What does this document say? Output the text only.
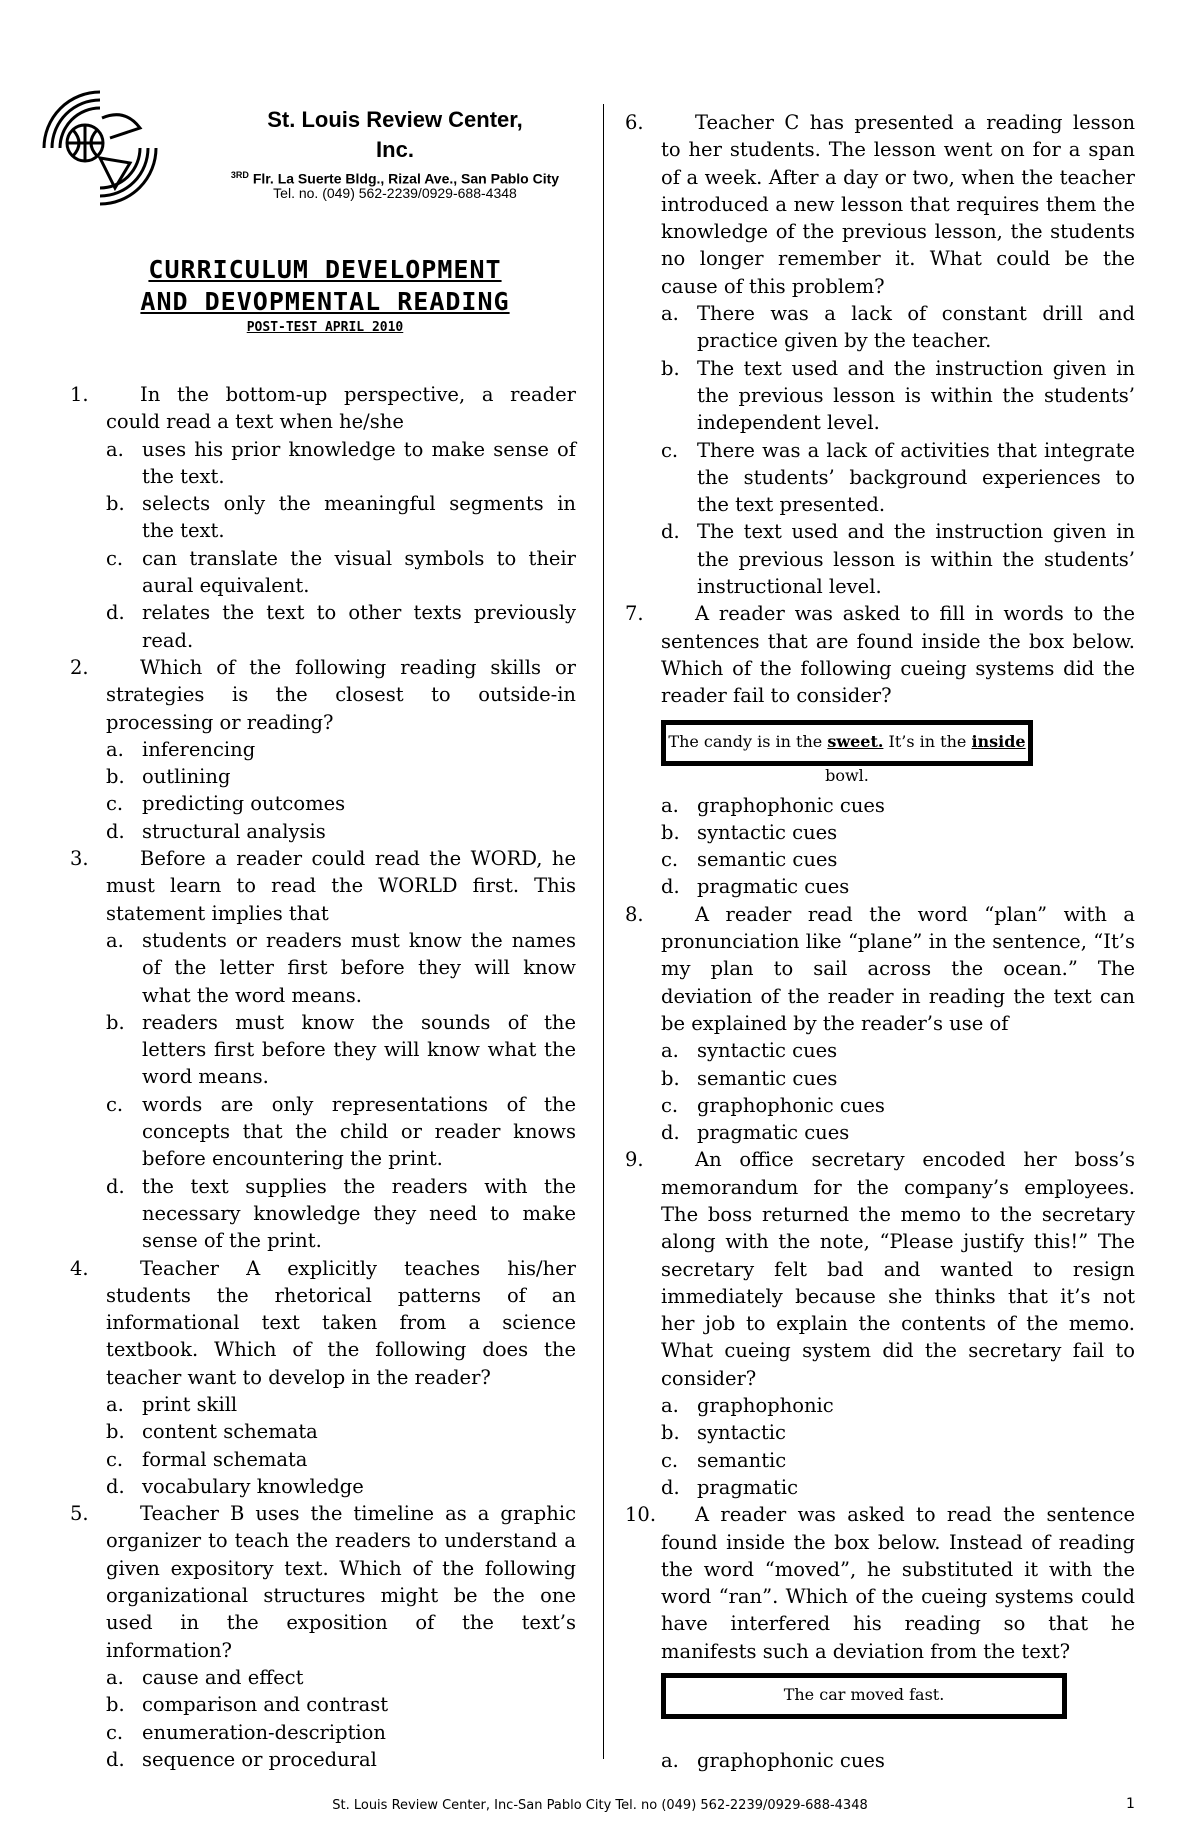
St. Louis Review Center,
Inc.
$^{3RD}$ Flr. La Suerte Bldg., Rizal Ave., San Pablo City
Tel. no. (049) 562-2239/0929-688-4348
CURRICULUM DEVELOPMENT
AND DEVOPMENTAL READING
POST-TEST APRIL 2010
1.	In the bottom-up perspective, a reader could read a text when he/she
a. uses his prior knowledge to make sense of the text.
b. selects only the meaningful segments in the text.
c. can translate the visual symbols to their aural equivalent.
d. relates the text to other texts previously read.
2.	Which of the following reading skills or strategies is the closest to outside-in processing or reading?
a. inferencing
b. outlining
c. predicting outcomes
d. structural analysis
3.	Before a reader could read the WORD, he must learn to read the WORLD first. This statement implies that
a. students or readers must know the names of the letter first before they will know what the word means.
b. readers must know the sounds of the letters first before they will know what the word means.
c. words are only representations of the concepts that the child or reader knows before encountering the print.
d. the text supplies the readers with the necessary knowledge they need to make sense of the print.
4.	Teacher A explicitly teaches his/her students the rhetorical patterns of an informational text taken from a science textbook. Which of the following does the teacher want to develop in the reader?
a. print skill
b. content schemata
c. formal schemata
d. vocabulary knowledge
5.	Teacher B uses the timeline as a graphic organizer to teach the readers to understand a given expository text. Which of the following organizational structures might be the one used in the exposition of the text’s information?
a. cause and effect
b. comparison and contrast
c. enumeration-description
d. sequence or procedural
6.	Teacher C has presented a reading lesson to her students. The lesson went on for a span of a week. After a day or two, when the teacher introduced a new lesson that requires them the knowledge of the previous lesson, the students no longer remember it. What could be the cause of this problem?
a. There was a lack of constant drill and practice given by the teacher.
b. The text used and the instruction given in the previous lesson is within the students’ independent level.
c. There was a lack of activities that integrate the students’ background experiences to the text presented.
d. The text used and the instruction given in the previous lesson is within the students’ instructional level.
7.	A reader was asked to fill in words to the sentences that are found inside the box below. Which of the following cueing systems did the reader fail to consider?
The candy is in the sweet. It’s in the inside bowl.
a. graphophonic cues
b. syntactic cues
c. semantic cues
d. pragmatic cues
8.	A reader read the word “plan” with a pronunciation like “plane” in the sentence, “It’s my plan to sail across the ocean.” The deviation of the reader in reading the text can be explained by the reader’s use of
a. syntactic cues
b. semantic cues
c. graphophonic cues
d. pragmatic cues
9.	An office secretary encoded her boss’s memorandum for the company’s employees. The boss returned the memo to the secretary along with the note, “Please justify this!” The secretary felt bad and wanted to resign immediately because she thinks that it’s not her job to explain the contents of the memo. What cueing system did the secretary fail to consider?
a. graphophonic
b. syntactic
c. semantic
d. pragmatic
10.	A reader was asked to read the sentence found inside the box below. Instead of reading the word “moved”, he substituted it with the word “ran”. Which of the cueing systems could have interfered his reading so that he manifests such a deviation from the text?
The car moved fast.
a. graphophonic cues
St. Louis Review Center, Inc-San Pablo City Tel. no (049) 562-2239/0929-688-4348	1
